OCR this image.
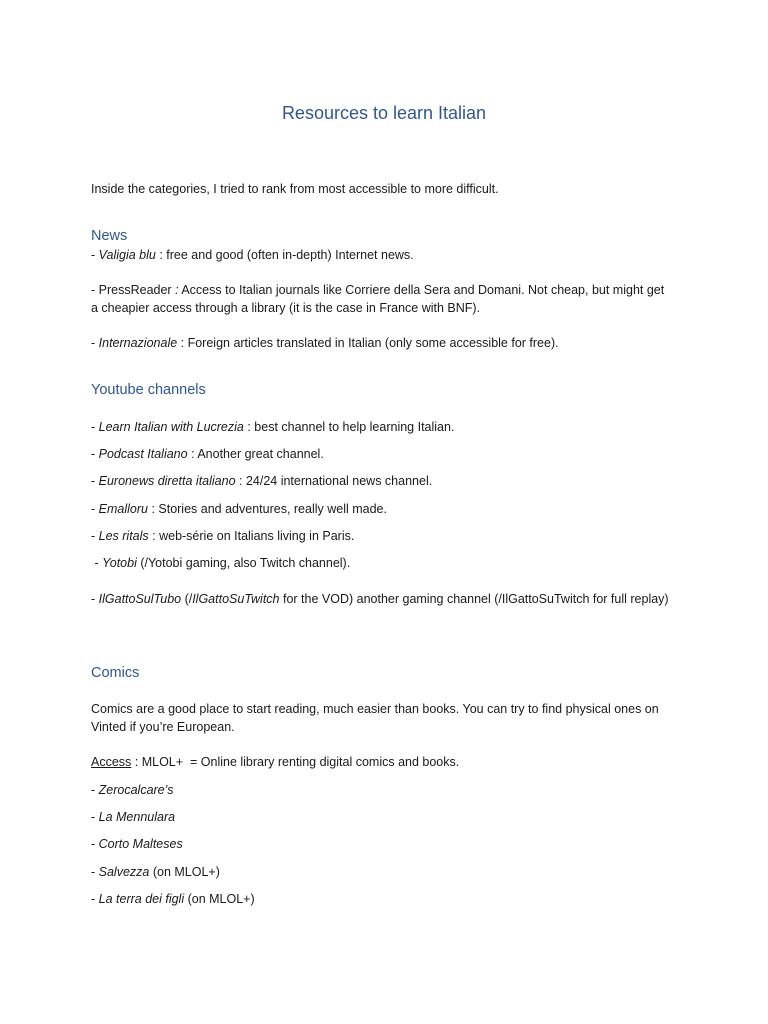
Resources to learn Italian
Inside the categories, I tried to rank from most accessible to more difficult.
News
- Valigia blu : free and good (often in-depth) Internet news.
- PressReader : Access to Italian journals like Corriere della Sera and Domani. Not cheap, but might get a cheapier access through a library (it is the case in France with BNF).
- Internazionale : Foreign articles translated in Italian (only some accessible for free).
Youtube channels
- Learn Italian with Lucrezia : best channel to help learning Italian.
- Podcast Italiano : Another great channel.
- Euronews diretta italiano : 24/24 international news channel.
- Emalloru : Stories and adventures, really well made.
- Les ritals : web-série on Italians living in Paris.
- Yotobi (/Yotobi gaming, also Twitch channel).
- IlGattoSulTubo (/IlGattoSuTwitch for the VOD) another gaming channel (/IlGattoSuTwitch for full replay)
Comics
Comics are a good place to start reading, much easier than books. You can try to find physical ones on Vinted if you’re European.
Access : MLOL+  = Online library renting digital comics and books.
- Zerocalcare’s
- La Mennulara
- Corto Malteses
- Salvezza (on MLOL+)
- La terra dei figli (on MLOL+)
